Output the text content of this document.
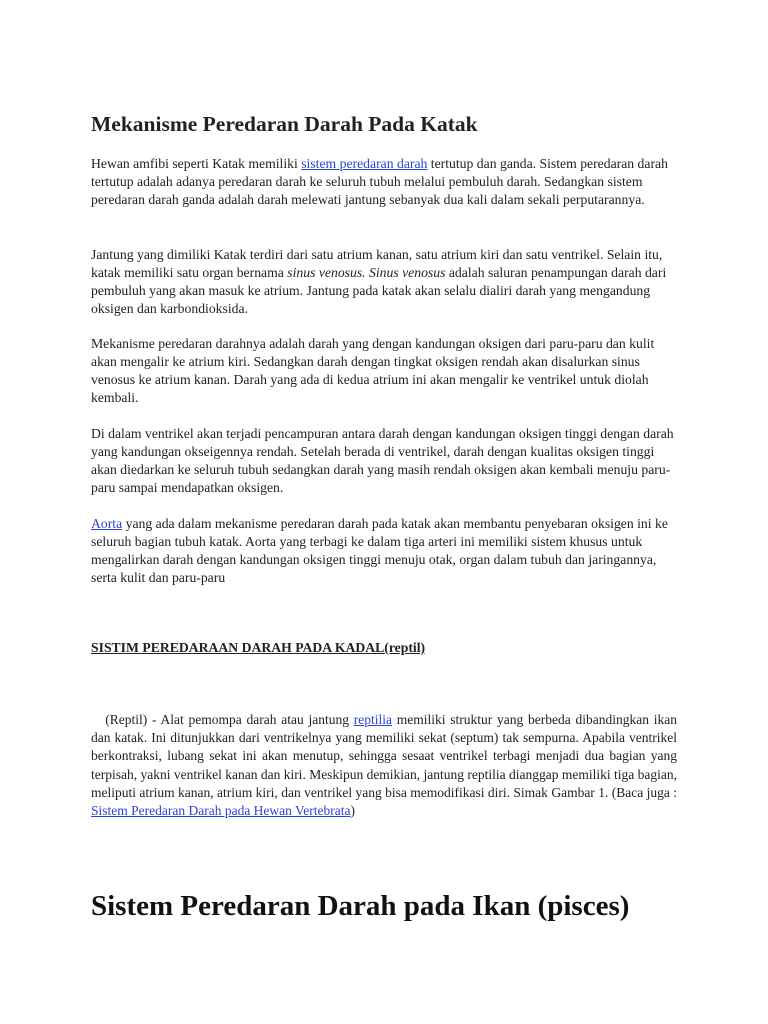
Mekanisme Peredaran Darah Pada Katak

Hewan amfibi seperti Katak memiliki sistem peredaran darah tertutup dan ganda. Sistem peredaran darah tertutup adalah adanya peredaran darah ke seluruh tubuh melalui pembuluh darah. Sedangkan sistem peredaran darah ganda adalah darah melewati jantung sebanyak dua kali dalam sekali perputarannya.

Jantung yang dimiliki Katak terdiri dari satu atrium kanan, satu atrium kiri dan satu ventrikel. Selain itu, katak memiliki satu organ bernama sinus venosus. Sinus venosus adalah saluran penampungan darah dari pembuluh yang akan masuk ke atrium. Jantung pada katak akan selalu dialiri darah yang mengandung oksigen dan karbondioksida.

Mekanisme peredaran darahnya adalah darah yang dengan kandungan oksigen dari paru-paru dan kulit akan mengalir ke atrium kiri. Sedangkan darah dengan tingkat oksigen rendah akan disalurkan sinus venosus ke atrium kanan. Darah yang ada di kedua atrium ini akan mengalir ke ventrikel untuk diolah kembali.

Di dalam ventrikel akan terjadi pencampuran antara darah dengan kandungan oksigen tinggi dengan darah yang kandungan okseigennya rendah. Setelah berada di ventrikel, darah dengan kualitas oksigen tinggi akan diedarkan ke seluruh tubuh sedangkan darah yang masih rendah oksigen akan kembali menuju paru-paru sampai mendapatkan oksigen.

Aorta yang ada dalam mekanisme peredaran darah pada katak akan membantu penyebaran oksigen ini ke seluruh bagian tubuh katak. Aorta yang terbagi ke dalam tiga arteri ini memiliki sistem khusus untuk mengalirkan darah dengan kandungan oksigen tinggi menuju otak, organ dalam tubuh dan jaringannya, serta kulit dan paru-paru

SISTIM PEREDARAAN DARAH PADA KADAL(reptil)

(Reptil) - Alat pemompa darah atau jantung reptilia memiliki struktur yang berbeda dibandingkan ikan dan katak. Ini ditunjukkan dari ventrikelnya yang memiliki sekat (septum) tak sempurna. Apabila ventrikel berkontraksi, lubang sekat ini akan menutup, sehingga sesaat ventrikel terbagi menjadi dua bagian yang terpisah, yakni ventrikel kanan dan kiri. Meskipun demikian, jantung reptilia dianggap memiliki tiga bagian, meliputi atrium kanan, atrium kiri, dan ventrikel yang bisa memodifikasi diri. Simak Gambar 1. (Baca juga : Sistem Peredaran Darah pada Hewan Vertebrata)

Sistem Peredaran Darah pada Ikan (pisces)
